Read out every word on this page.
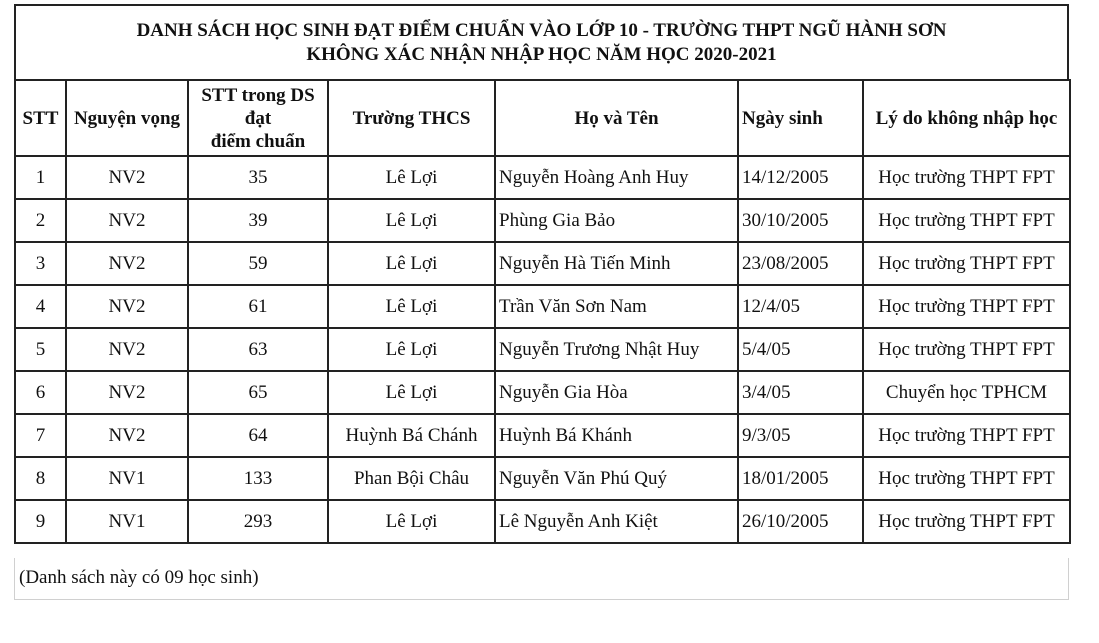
DANH SÁCH HỌC SINH ĐẠT ĐIỂM CHUẨN VÀO LỚP 10 - TRƯỜNG THPT NGŨ HÀNH SƠN
KHÔNG XÁC NHẬN NHẬP HỌC NĂM HỌC 2020-2021
STT	Nguyện vọng	STT trong DS
đạt
điểm chuẩn	Trường THCS	Họ và Tên	Ngày sinh	Lý do không nhập học
1	NV2	35	Lê Lợi	Nguyễn Hoàng Anh Huy	14/12/2005	Học trường THPT FPT
2	NV2	39	Lê Lợi	Phùng Gia Bảo	30/10/2005	Học trường THPT FPT
3	NV2	59	Lê Lợi	Nguyễn Hà Tiến Minh	23/08/2005	Học trường THPT FPT
4	NV2	61	Lê Lợi	Trần Văn Sơn Nam	12/4/05	Học trường THPT FPT
5	NV2	63	Lê Lợi	Nguyễn Trương Nhật Huy	5/4/05	Học trường THPT FPT
6	NV2	65	Lê Lợi	Nguyễn Gia Hòa	3/4/05	Chuyển học TPHCM
7	NV2	64	Huỳnh Bá Chánh	Huỳnh Bá Khánh	9/3/05	Học trường THPT FPT
8	NV1	133	Phan Bội Châu	Nguyễn Văn Phú Quý	18/01/2005	Học trường THPT FPT
9	NV1	293	Lê Lợi	Lê Nguyễn Anh Kiệt	26/10/2005	Học trường THPT FPT
(Danh sách này có 09 học sinh)
